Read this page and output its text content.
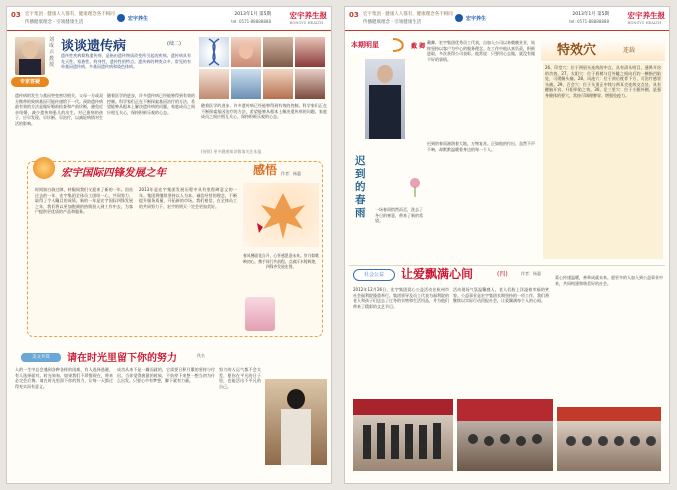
03 宏宇集团 · 健康人人都有，健康理念各不相同
传播健康理念 · 引领健康生活
宏宇养生
2013年1月 第5期
tel: 0571-88888888
宏宇养生报
HONGYU HEALTH
专家答疑
刘 成 云 教 授
谈谈遗传病	(续二)
遗传性疾病简称遗传病，是指由遗传物质改变所引起的疾病。遗传病具有先天性、家族性、终身性、遗传性的特点。遗传病的种类众多，常见的有单基因遗传病、多基因遗传病和染色体病。
遗传病的发生与基因突变密切相关，父母一方或双方携带的致病基因可能传递给下一代。预防遗传病最有效的方法是做好婚前检查和产前诊断，避免近亲结婚，减少遗传病患儿的出生。对已患病的孩子，应早发现、早诊断、早治疗，以减轻病情对生活的影响。
随着医学的进步，许多遗传病已经能够得到有效的控制。科学家们正在不断探索基因治疗的方法，希望能够从根本上解决遗传病的问题。家庭成员之间应相互关心，保持积极乐观的心态。
随着医学的进步，许多遗传病已经能够得到有效的控制。科学家们正在不断探索基因治疗的方法，希望能够从根本上解决遗传病的问题。家庭成员之间应相互关心，保持积极乐观的心态。
(待续) 更多健康知识敬请关注本报
宏宇国际四锋发展之年	感悟 作者：杨惠
时间如白驹过隙，转眼间我们又迎来了新的一年。回首过去的一年，宏宇集团全体员工团结一心，共同努力，取得了令人瞩目的成绩。新的一年是宏宇国际四锋发展之年，我们将以更加饱满的热情投入到工作中去，为客户提供更优质的产品和服务。
2013年是宏宇集团发展历程中具有里程碑意义的一年。集团将继续坚持以人为本、诚信经营的理念，不断提升服务质量，开拓新的市场。我们相信，在全体员工的共同努力下，宏宇的明天一定会更加美好。
春风拂面花自开，心怀感恩迎未来。岁月如歌映初心，携手同行共前程。点滴汗水铸辉煌，四锋齐发展宏图。
美文共赏	请在时光里留下你的努力	佚名
人的一生中总会遇到各种各样的困难，有人选择逃避，有人选择面对。时光匆匆，如果我们不珍惜现在，将来必定会后悔。请在时光里留下你的努力，让每一天都过得充实而有意义。
成功从来不是一蹴而就的，它需要日积月累的坚持与付出。当你觉得疲惫的时候，不妨停下来想一想当初为什么出发。只要心中有梦想，脚下就有力量。
努力的人运气都不会太差，愿你在平凡的日子里，也能活出不平凡的自己。
03 宏宇集团 · 健康人人都有，健康理念各不相同
传播健康理念 · 引领健康生活
宏宇养生
2013年1月 第5期
tel: 0571-88888888
宏宇养生报
HONGYU HEALTH
本期明星	戴 卿
戴卿，宏宇集团优秀员工代表，自加入公司以来兢兢业业，始终坚持以客户为中心的服务理念。在工作中他认真负责，积极进取，多次获得公司表彰。他常说：只要用心去做，就没有做不好的事情。
迟 到 的 春 雨
迟到的春雨滋润着大地，万物复苏。正如他的付出，虽然不声不响，却默默温暖着身边的每一个人。
一场春雨悄然而至，洗去了冬日的寒意，带来了新的希望。
特效穴	连载
26、印堂穴：位于两眉头连线的中点，具有清头明目、通鼻开窍的功效。27、太阳穴：位于眉梢与目外眦之间向后约一横指凹陷处，可缓解头痛。28、风池穴：位于颈后枕骨下方，可治疗感冒头痛。29、百会穴：位于头顶正中线与两耳尖连线交点处，具有醒脑开窍、升阳举陷之效。30、足三里穴：位于小腿外侧，是强身健体的要穴，常按可调理脾胃、增强免疫力。
社会公益	让爱飘满心间	(四)	作者：杨惠
2012年12月26日，宏宇集团爱心公益活动在杭州市社会福利院隆重举行。集团领导及员工代表为福利院的老人和孩子们送去了过冬的衣物和生活用品，并为他们带来了精彩的文艺节目。
活动现场气氛温馨感人，老人们脸上洋溢着幸福的笑容。公益事业是宏宇集团长期坚持的一项工作，我们将继续以实际行动回报社会，让爱飘满每个人的心间。
爱心传递温暖，善举成就未来。愿更多的人加入到公益事业中来，共同构建和谐美好的社会。
